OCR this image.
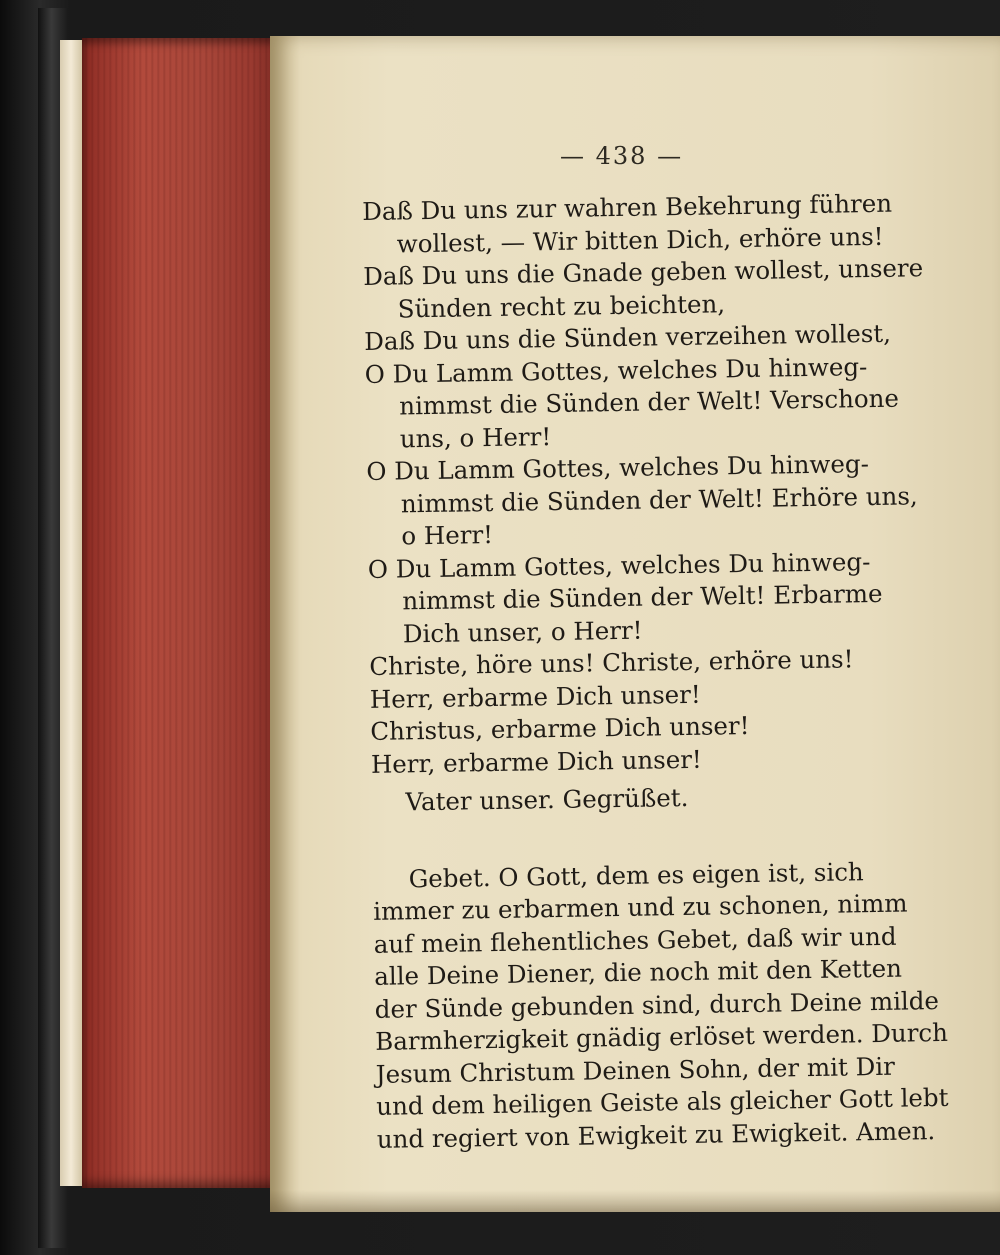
— 438 —
Daß Du uns zur wahren Bekehrung führen
wollest, — Wir bitten Dich, erhöre uns!
Daß Du uns die Gnade geben wollest, unsere
Sünden recht zu beichten,
Daß Du uns die Sünden verzeihen wollest,
O Du Lamm Gottes, welches Du hinweg-
nimmst die Sünden der Welt! Verschone
uns, o Herr!
O Du Lamm Gottes, welches Du hinweg-
nimmst die Sünden der Welt! Erhöre uns,
o Herr!
O Du Lamm Gottes, welches Du hinweg-
nimmst die Sünden der Welt! Erbarme
Dich unser, o Herr!
Christe, höre uns! Christe, erhöre uns!
Herr, erbarme Dich unser!
Christus, erbarme Dich unser!
Herr, erbarme Dich unser!
Vater unser. Gegrüßet.
Gebet. O Gott, dem es eigen ist, sich
immer zu erbarmen und zu schonen, nimm
auf mein flehentliches Gebet, daß wir und
alle Deine Diener, die noch mit den Ketten
der Sünde gebunden sind, durch Deine milde
Barmherzigkeit gnädig erlöset werden. Durch
Jesum Christum Deinen Sohn, der mit Dir
und dem heiligen Geiste als gleicher Gott lebt
und regiert von Ewigkeit zu Ewigkeit. Amen.
